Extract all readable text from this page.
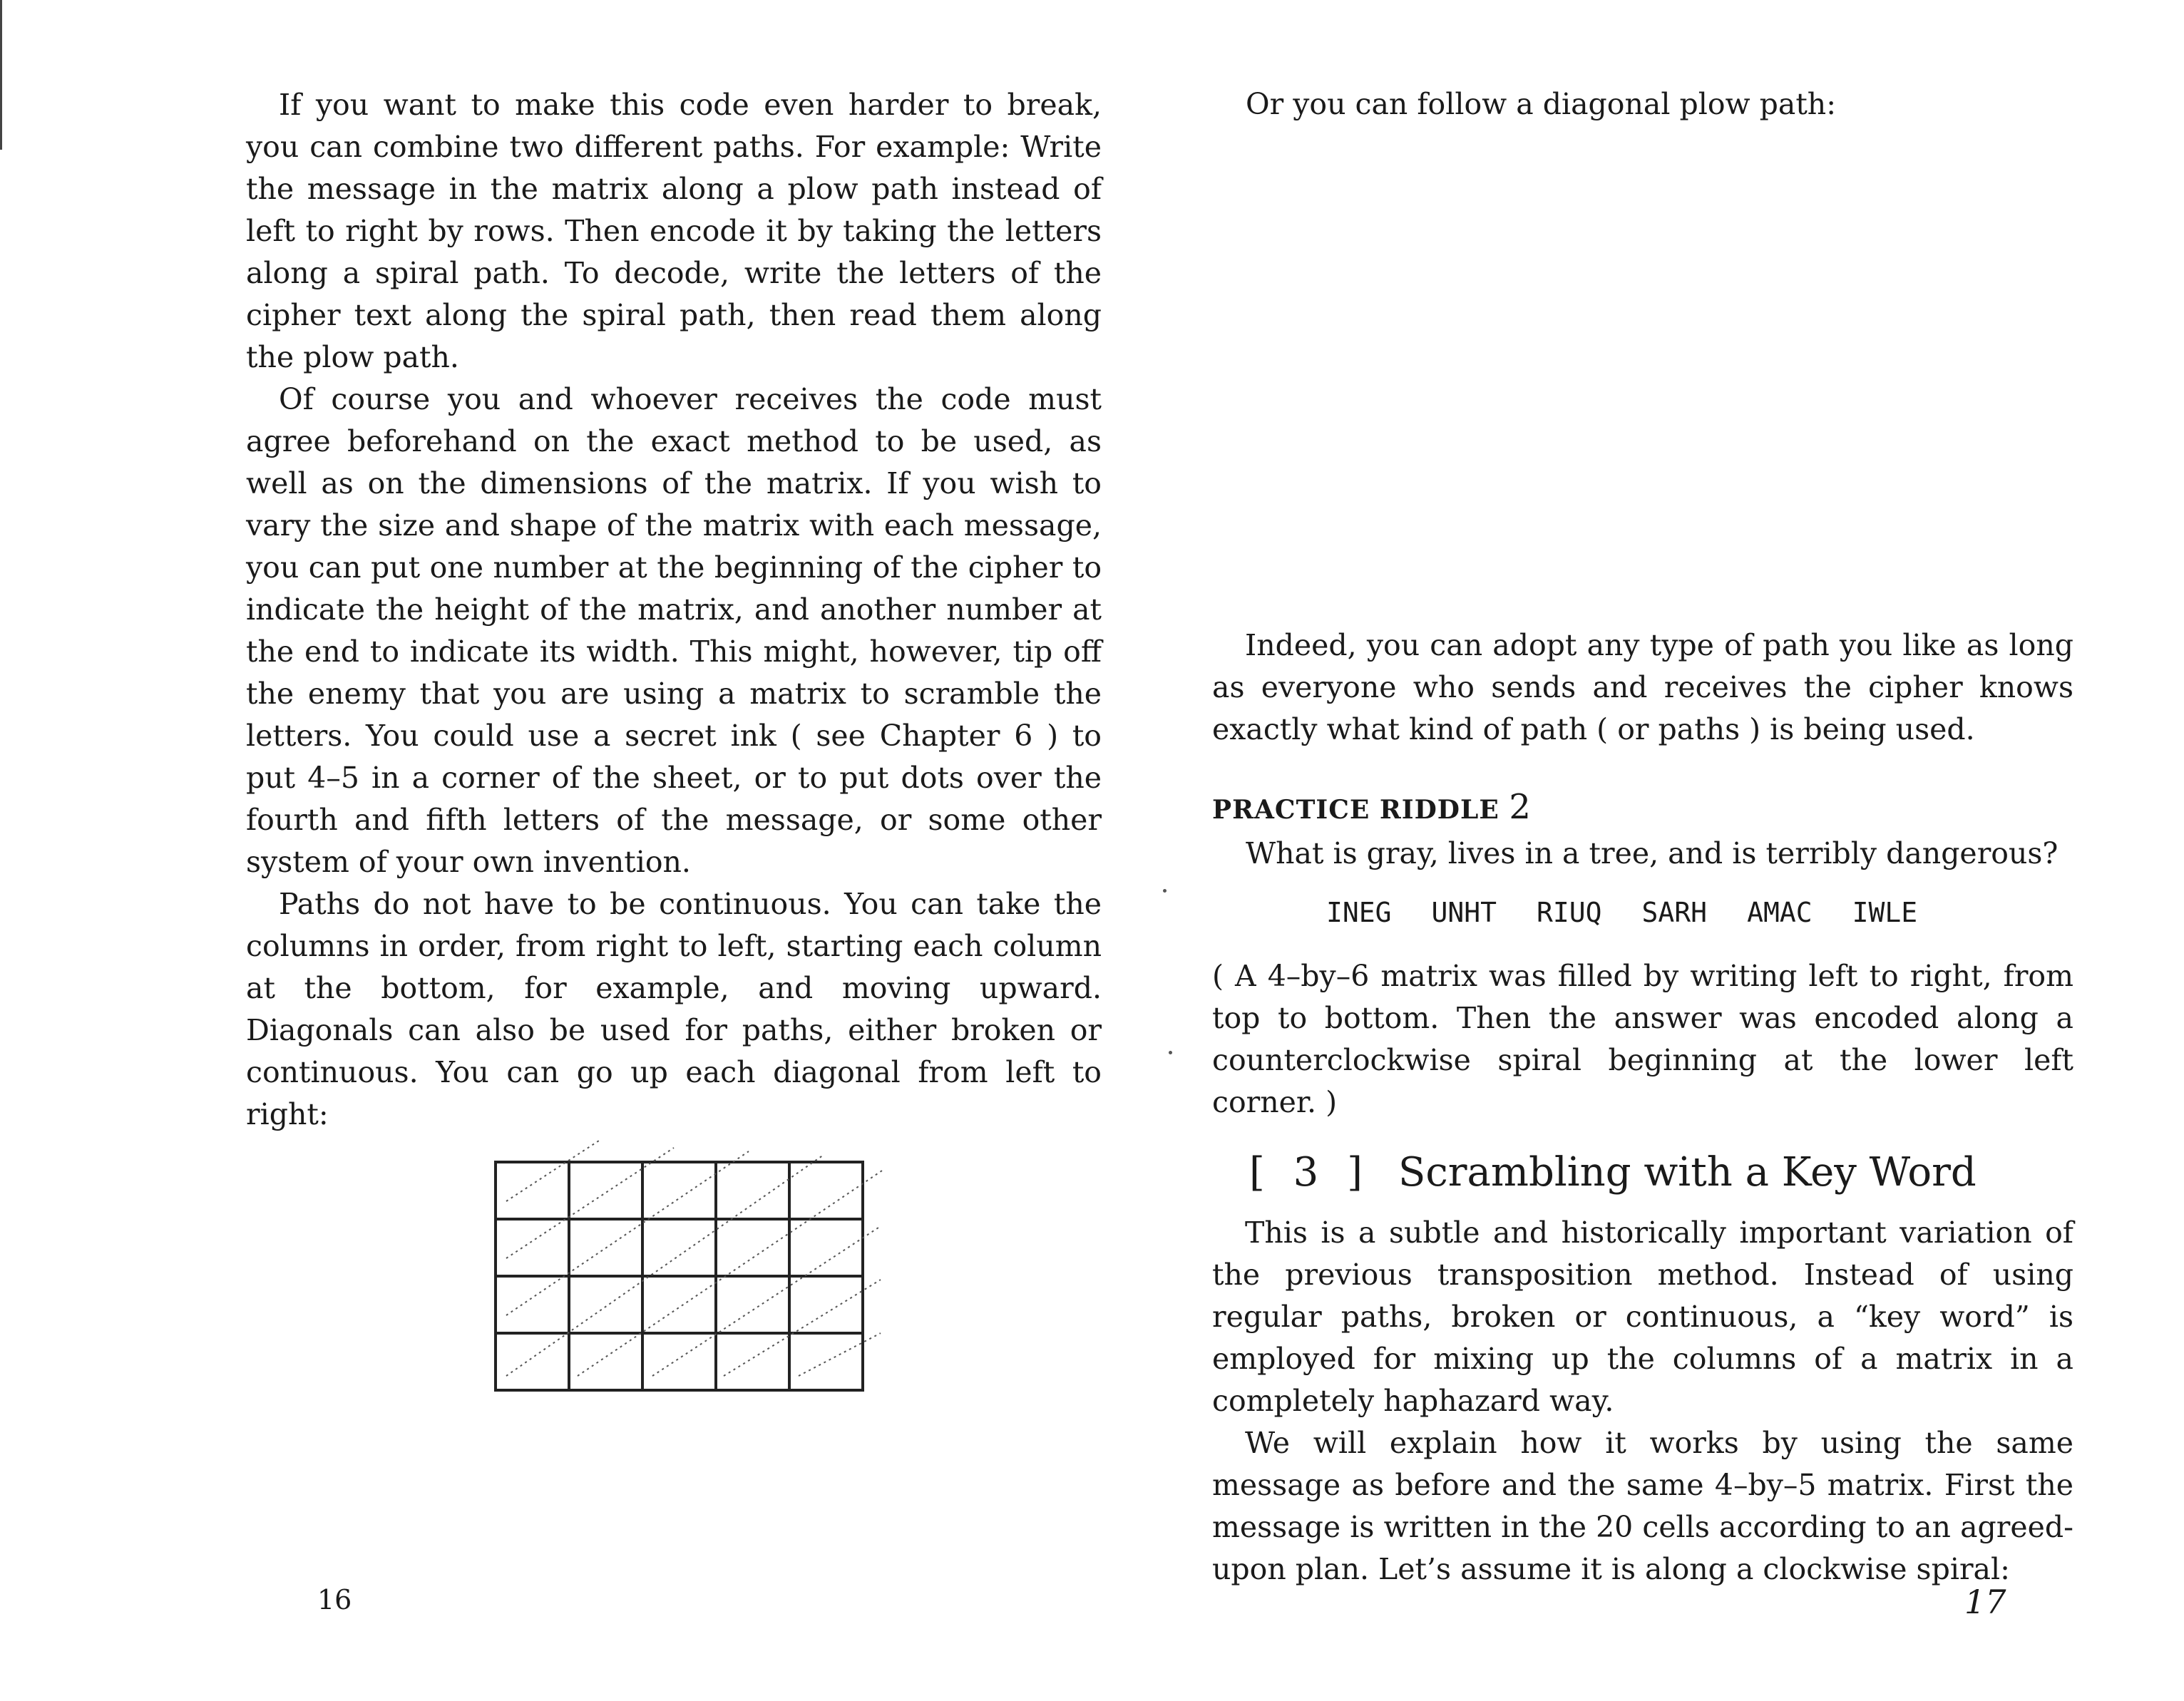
If you want to make this code even harder to break, you can combine two different paths. For example: Write the message in the matrix along a plow path instead of left to right by rows. Then encode it by taking the letters along a spiral path. To decode, write the letters of the cipher text along the spiral path, then read them along the plow path.

Of course you and whoever receives the code must agree beforehand on the exact method to be used, as well as on the dimensions of the matrix. If you wish to vary the size and shape of the matrix with each message, you can put one number at the beginning of the cipher to indicate the height of the matrix, and another number at the end to indicate its width. This might, however, tip off the enemy that you are using a matrix to scramble the letters. You could use a secret ink ( see Chapter 6 ) to put 4–5 in a corner of the sheet, or to put dots over the fourth and fifth letters of the message, or some other system of your own invention.

Paths do not have to be continuous. You can take the columns in order, from right to left, starting each column at the bottom, for example, and moving upward. Diagonals can also be used for paths, either broken or continuous. You can go up each diagonal from left to right:

16
Or you can follow a diagonal plow path:

Indeed, you can adopt any type of path you like as long as everyone who sends and receives the cipher knows exactly what kind of path ( or paths ) is being used.

PRACTICE RIDDLE 2
What is gray, lives in a tree, and is terribly dangerous?
INEG UNHT RIUQ SARH AMAC IWLE

( A 4–by–6 matrix was filled by writing left to right, from top to bottom. Then the answer was encoded along a counterclockwise spiral beginning at the lower left corner. )

[ 3 ] Scrambling with a Key Word

This is a subtle and historically important variation of the previous transposition method. Instead of using regular paths, broken or continuous, a “key word” is employed for mixing up the columns of a matrix in a completely haphazard way.

We will explain how it works by using the same message as before and the same 4–by–5 matrix. First the message is written in the 20 cells according to an agreed-upon plan. Let’s assume it is along a clockwise spiral:

17
